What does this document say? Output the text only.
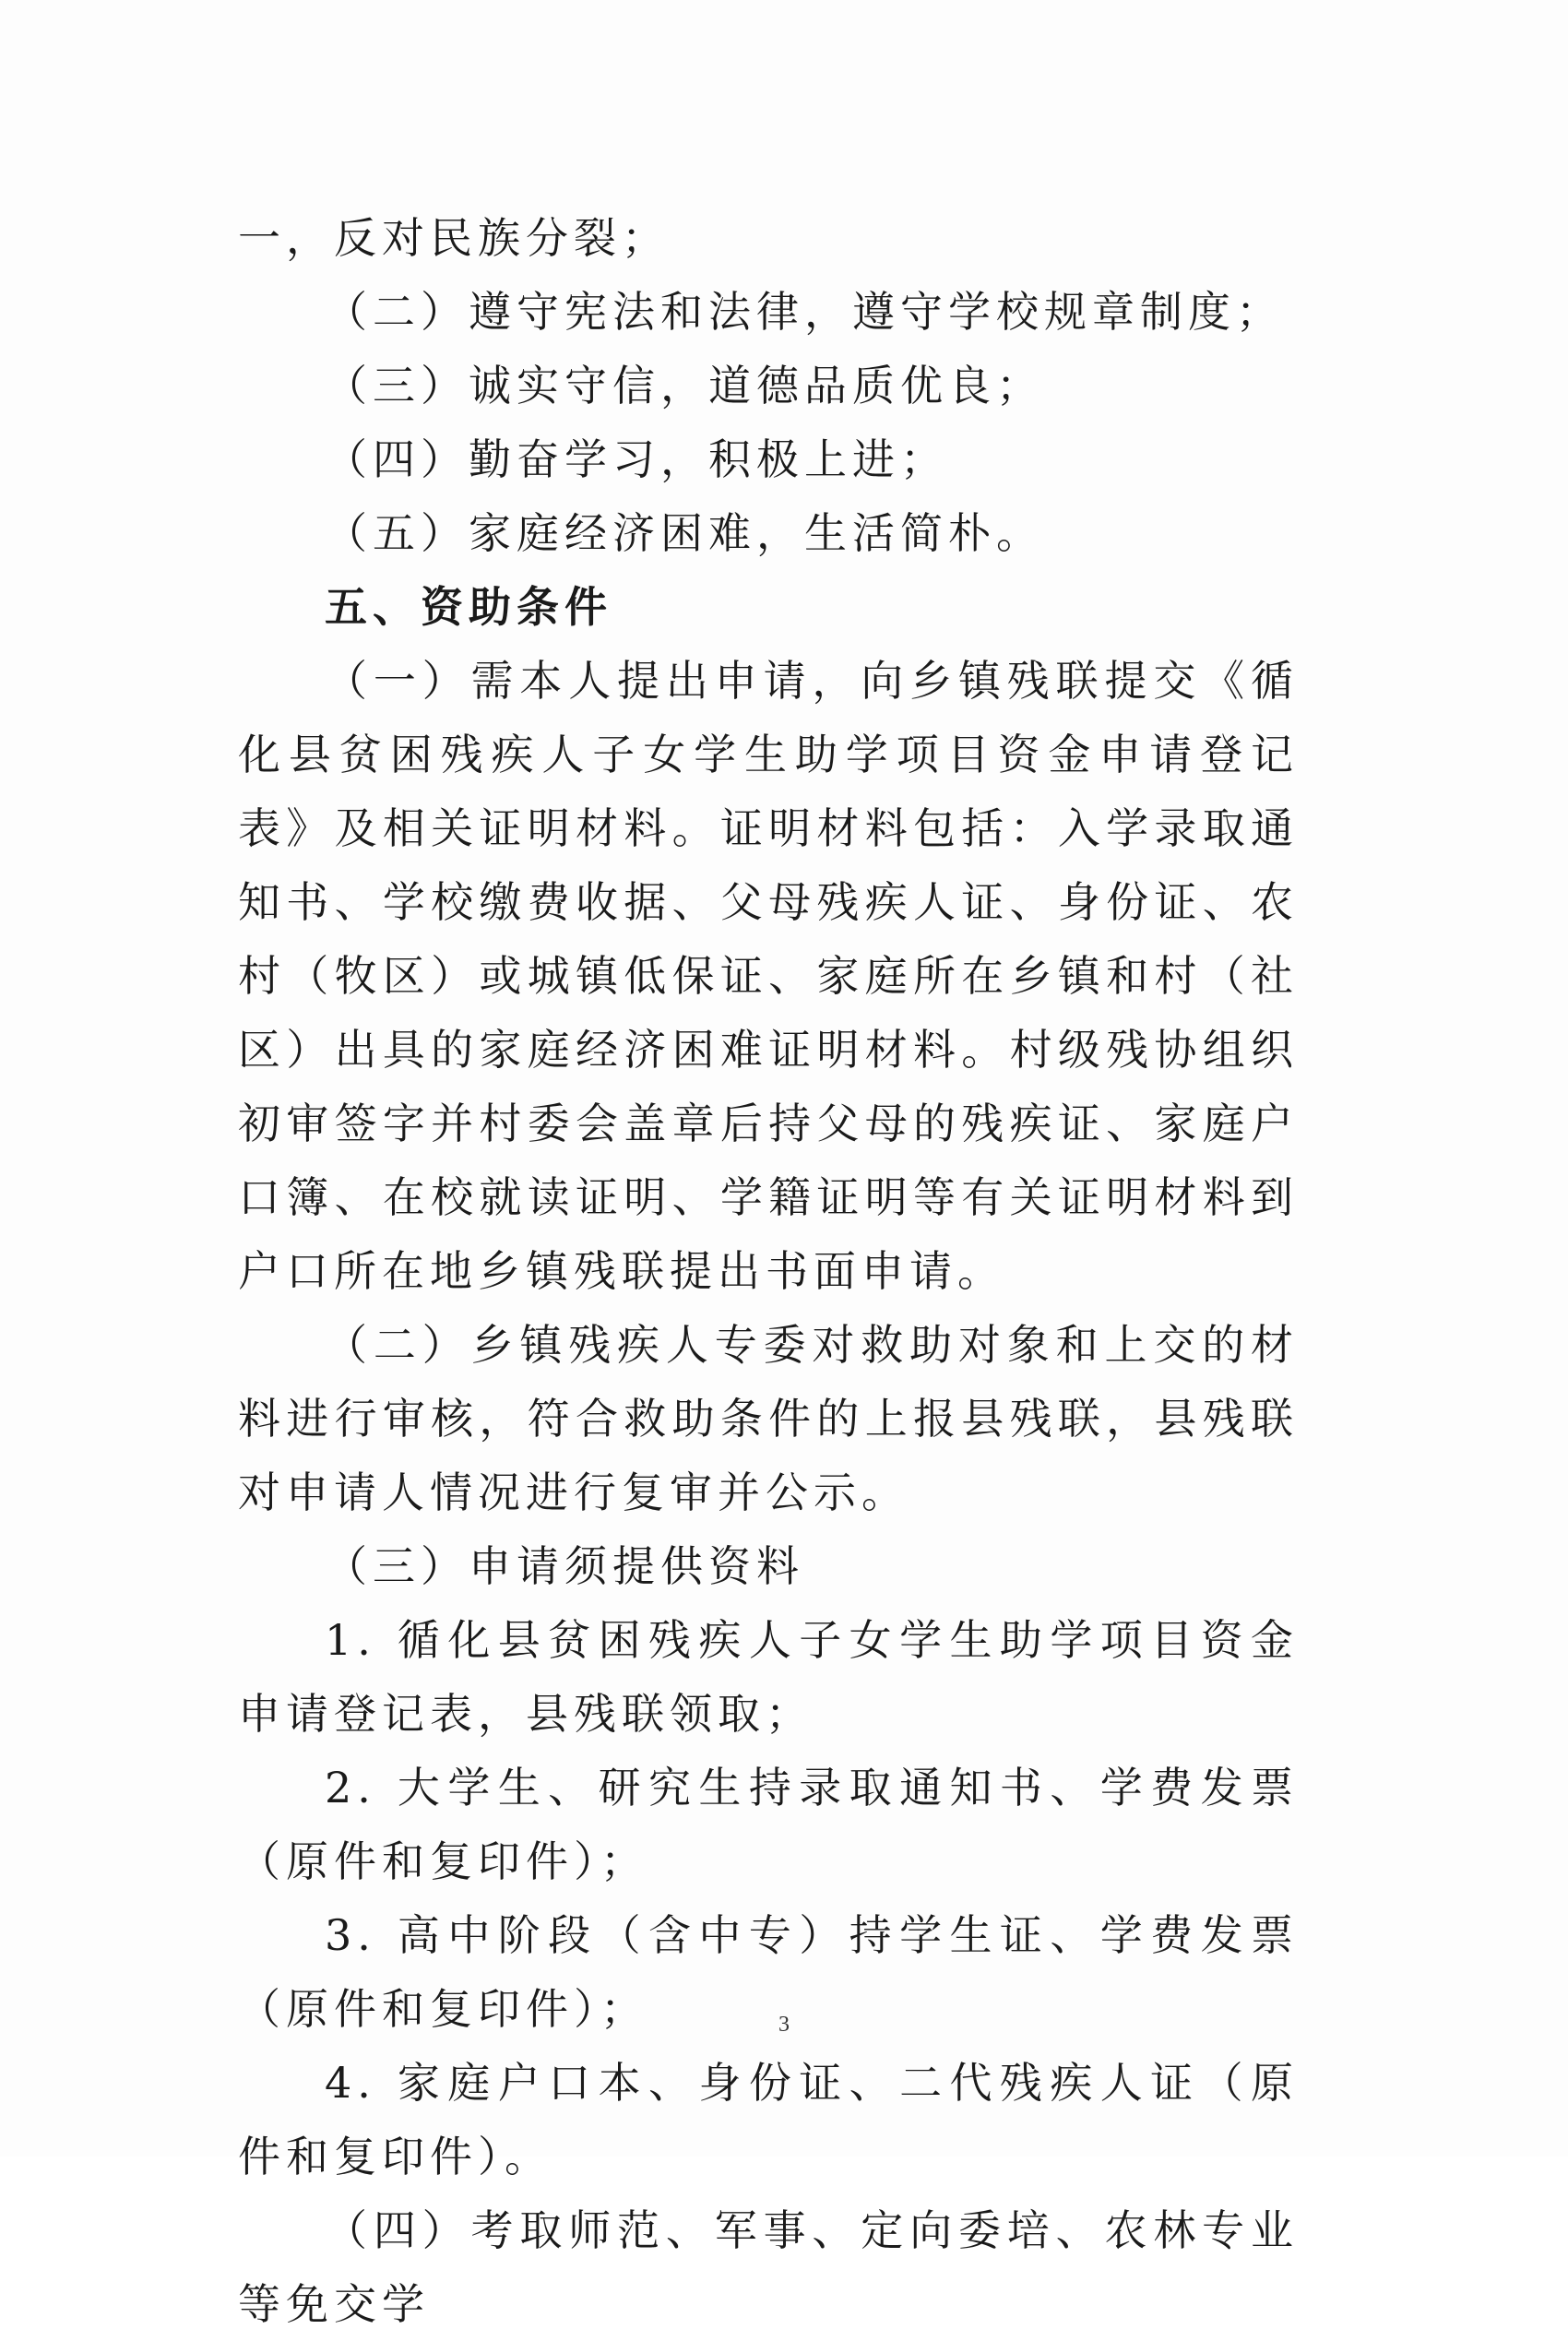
一，反对民族分裂；

（二）遵守宪法和法律，遵守学校规章制度；

（三）诚实守信，道德品质优良；

（四）勤奋学习，积极上进；

（五）家庭经济困难，生活简朴。

五、资助条件

（一）需本人提出申请，向乡镇残联提交《循化县贫困残疾人子女学生助学项目资金申请登记表》及相关证明材料。证明材料包括：入学录取通知书、学校缴费收据、父母残疾人证、身份证、农村（牧区）或城镇低保证、家庭所在乡镇和村（社区）出具的家庭经济困难证明材料。村级残协组织初审签字并村委会盖章后持父母的残疾证、家庭户口簿、在校就读证明、学籍证明等有关证明材料到户口所在地乡镇残联提出书面申请。

（二）乡镇残疾人专委对救助对象和上交的材料进行审核，符合救助条件的上报县残联，县残联对申请人情况进行复审并公示。

（三）申请须提供资料

1. 循化县贫困残疾人子女学生助学项目资金申请登记表，县残联领取；

2. 大学生、研究生持录取通知书、学费发票（原件和复印件）；

3. 高中阶段（含中专）持学生证、学费发票（原件和复印件）；

4. 家庭户口本、身份证、二代残疾人证（原件和复印件）。

（四）考取师范、军事、定向委培、农林专业等免交学

3
